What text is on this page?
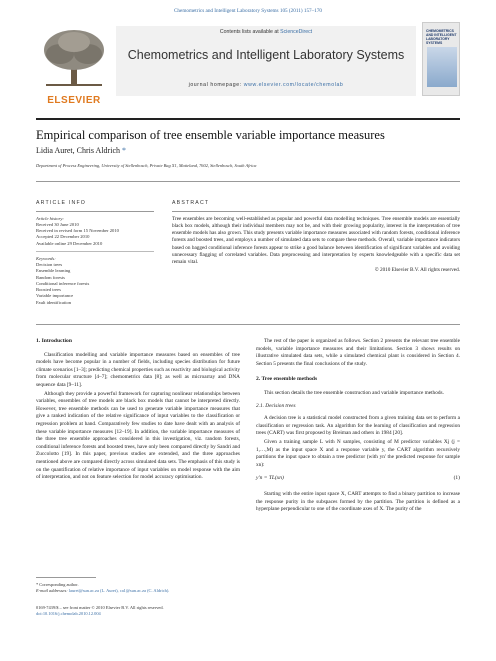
Chemometrics and Intelligent Laboratory Systems 105 (2011) 157–170
ELSEVIER
Contents lists available at ScienceDirect
Chemometrics and Intelligent Laboratory Systems
journal homepage: www.elsevier.com/locate/chemolab
CHEMOMETRICS
AND INTELLIGENT
LABORATORY
SYSTEMS
Empirical comparison of tree ensemble variable importance measures
Lidia Auret, Chris Aldrich *
Department of Process Engineering, University of Stellenbosch, Private Bag X1, Matieland, 7602, Stellenbosch, South Africa
ARTICLE INFO
Article history:
Received 30 June 2010
Received in revised form 15 November 2010
Accepted 22 December 2010
Available online 29 December 2010
Keywords:
Decision trees
Ensemble learning
Random forests
Conditional inference forests
Boosted trees
Variable importance
Fault identification
ABSTRACT
Tree ensembles are becoming well-established as popular and powerful data modelling techniques. Tree ensemble models are essentially black box models, although their individual members may not be, and with their growing popularity, interest in the interpretation of tree ensemble models has also grown. This study presents variable importance measures associated with random forests, conditional inference forests and boosted trees, and employs a number of simulated data sets to compare these methods. Overall, variable importance indicators based on bagged conditional inference forests appear to strike a good balance between identification of significant variables and avoiding unnecessary flagging of correlated variables. Data preprocessing and interpretation by experts knowledgeable with a specific data set remain vital.
© 2010 Elsevier B.V. All rights reserved.
1. Introduction
Classification modelling and variable importance measures based on ensembles of tree models have become popular in a number of fields, including species distribution for future climate scenarios [1–3]; predicting chemical properties such as reactivity and biological activity from molecular structure [4–7]; chemometrics data [8]; as well as microarray and DNA sequence data [9–11].
Although they provide a powerful framework for capturing nonlinear relationships between variables, ensembles of tree models are black box models that cannot be interpreted directly. However, tree ensemble methods can be used to generate variable importance measures that give a ranked indication of the relative significance of input variables to the classification or regression problem at hand. Comparatively few studies to date have dealt with an analysis of these variable importance measures [12–19]. In addition, the variable importance measures of the three tree ensemble approaches considered in this investigation, viz. random forests, conditional inference forests and boosted trees, have only been compared directly by Sandri and Zuccolotto [19]. In this paper, previous studies are extended, and the three approaches mentioned above are compared directly across simulated data sets. The emphasis of this study is on the quantification of relative importance of input variables on model response with the aim of interpretation, and not on feature selection for model accuracy optimisation.
* Corresponding author.
E-mail addresses: lauret@sun.ac.za (L. Auret), ca1@sun.ac.za (C. Aldrich).
0169-7439/$ – see front matter © 2010 Elsevier B.V. All rights reserved.
doi:10.1016/j.chemolab.2010.12.004
The rest of the paper is organized as follows. Section 2 presents the relevant tree ensemble models, variable importance measures and their limitations. Section 3 shows results on illustrative simulated data sets, while a simulated chemical plant is considered in Section 4. Section 5 presents the final conclusions of the study.
2. Tree ensemble methods
This section details the tree ensemble construction and variable importance methods.
2.1. Decision trees
A decision tree is a statistical model constructed from a given training data set to perform a classification or regression task. An algorithm for the learning of classification and regression trees (CART) was first proposed by Breiman and others in 1984 [20].
Given a training sample L with N samples, consisting of M predictor variables Xj (j = 1,…,M) as the input space X and a response variable y, the CART algorithm recursively partitions the input space to obtain a tree predictor (with yn' the predicted response for sample xn):
y'n = TL(xn)	(1)
Starting with the entire input space X, CART attempts to find a binary partition to increase the response purity in the subspaces formed by the partition. The partition is defined as a hyperplane perpendicular to one of the coordinate axes of X. The purity of the
